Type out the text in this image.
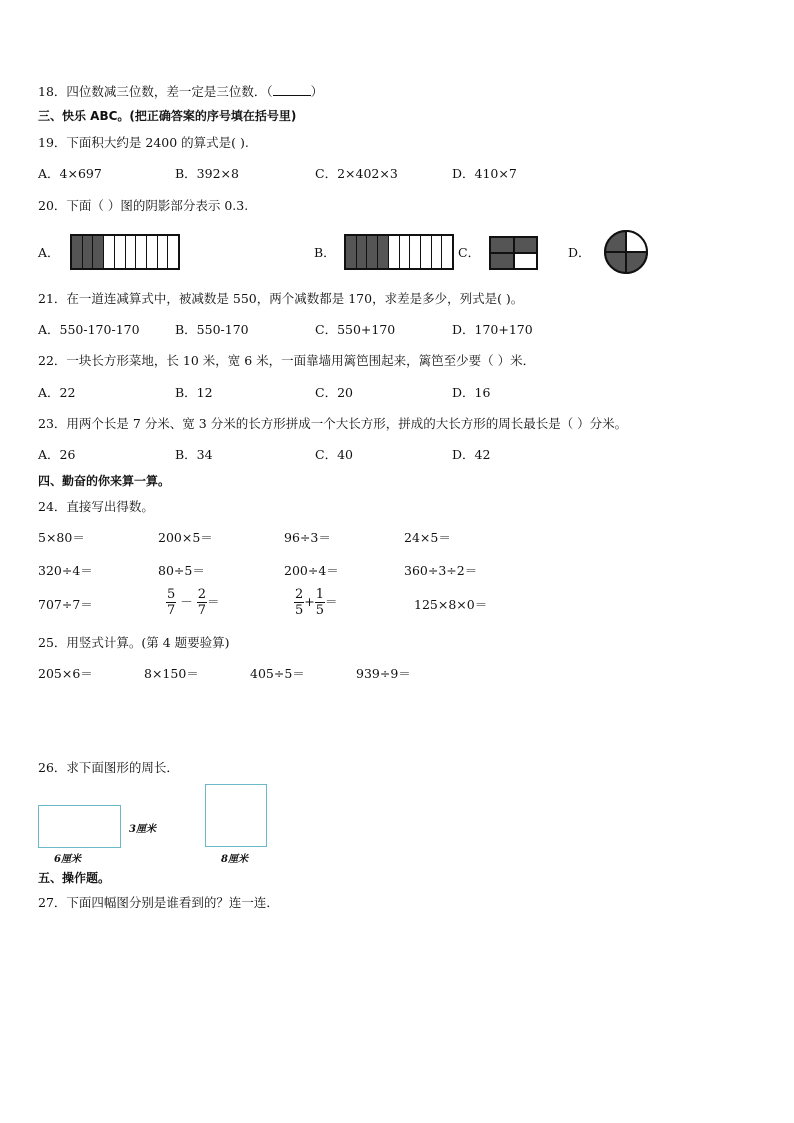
18．四位数减三位数，差一定是三位数．（	）
三、快乐 ABC。(把正确答案的序号填在括号里)
19．下面积大约是 2400 的算式是( ).
A．4×697	B．392×8	C．2×402×3	D．410×7
20．下面（ ）图的阴影部分表示 0.3.
A．	B．	C．	D．
21．在一道连减算式中，被减数是 550，两个减数都是 170，求差是多少，列式是( )。
A．550-170-170	B．550-170	C．550+170	D．170+170
22．一块长方形菜地，长 10 米，宽 6 米，一面靠墙用篱笆围起来，篱笆至少要（ ）米．
A．22	B．12	C．20	D．16
23．用两个长是 7 分米、宽 3 分米的长方形拼成一个大长方形，拼成的大长方形的周长最长是（ ）分米。
A．26	B．34	C．40	D．42
四、勤奋的你来算一算。
24．直接写出得数。
5×80＝	200×5＝	96÷3＝	24×5＝
320÷4＝	80÷5＝	200÷4＝	360÷3÷2＝
707÷7＝	$\frac{5}{7} - \frac{2}{7}$ ＝	$\frac{2}{5} + \frac{1}{5}$ ＝	125×8×0＝
25．用竖式计算。(第 4 题要验算)
205×6＝	8×150＝	405÷5＝	939÷9＝
26．求下面图形的周长．
3厘米
6厘米	8厘米
五、操作题。
27．下面四幅图分别是谁看到的？连一连．
